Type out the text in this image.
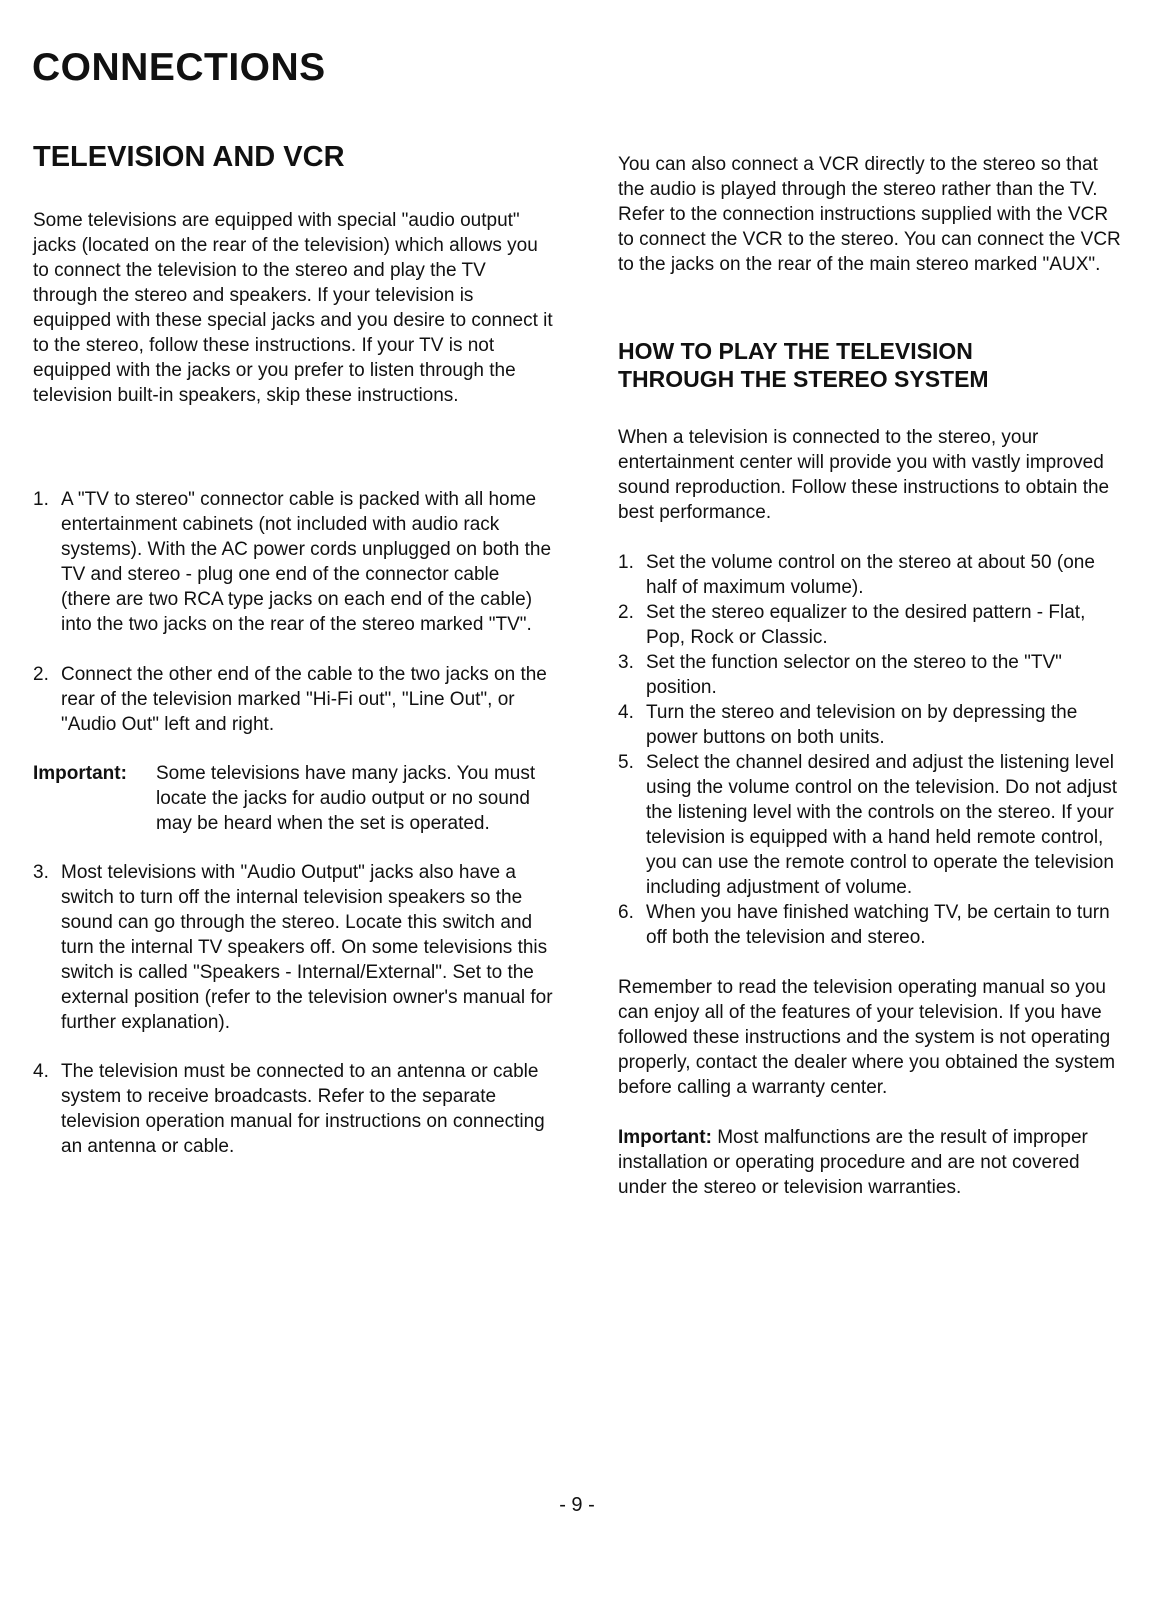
CONNECTIONS
TELEVISION AND VCR

Some televisions are equipped with special "audio output" jacks (located on the rear of the television) which allows you to connect the television to the stereo and play the TV through the stereo and speakers. If your television is equipped with these special jacks and you desire to connect it to the stereo, follow these instructions. If your TV is not equipped with the jacks or you prefer to listen through the television built-in speakers, skip these instructions.

1. A "TV to stereo" connector cable is packed with all home entertainment cabinets (not included with audio rack systems). With the AC power cords unplugged on both the TV and stereo - plug one end of the connector cable (there are two RCA type jacks on each end of the cable) into the two jacks on the rear of the stereo marked "TV".
2. Connect the other end of the cable to the two jacks on the rear of the television marked "Hi-Fi out", "Line Out", or "Audio Out" left and right.
Important:	Some televisions have many jacks. You must locate the jacks for audio output or no sound may be heard when the set is operated.
3. Most televisions with "Audio Output" jacks also have a switch to turn off the internal television speakers so the sound can go through the stereo. Locate this switch and turn the internal TV speakers off. On some televisions this switch is called "Speakers - Internal/External". Set to the external position (refer to the television owner's manual for further explanation).
4. The television must be connected to an antenna or cable system to receive broadcasts. Refer to the separate television operation manual for instructions on connecting an antenna or cable.

You can also connect a VCR directly to the stereo so that the audio is played through the stereo rather than the TV. Refer to the connection instructions supplied with the VCR to connect the VCR to the stereo. You can connect the VCR to the jacks on the rear of the main stereo marked "AUX".

HOW TO PLAY THE TELEVISION
THROUGH THE STEREO SYSTEM

When a television is connected to the stereo, your entertainment center will provide you with vastly improved sound reproduction. Follow these instructions to obtain the best performance.

1. Set the volume control on the stereo at about 50 (one half of maximum volume).
2. Set the stereo equalizer to the desired pattern - Flat, Pop, Rock or Classic.
3. Set the function selector on the stereo to the "TV" position.
4. Turn the stereo and television on by depressing the power buttons on both units.
5. Select the channel desired and adjust the listening level using the volume control on the television. Do not adjust the listening level with the controls on the stereo. If your television is equipped with a hand held remote control, you can use the remote control to operate the television including adjustment of volume.
6. When you have finished watching TV, be certain to turn off both the television and stereo.

Remember to read the television operating manual so you can enjoy all of the features of your television. If you have followed these instructions and the system is not operating properly, contact the dealer where you obtained the system before calling a warranty center.

Important: Most malfunctions are the result of improper installation or operating procedure and are not covered under the stereo or television warranties.

- 9 -
